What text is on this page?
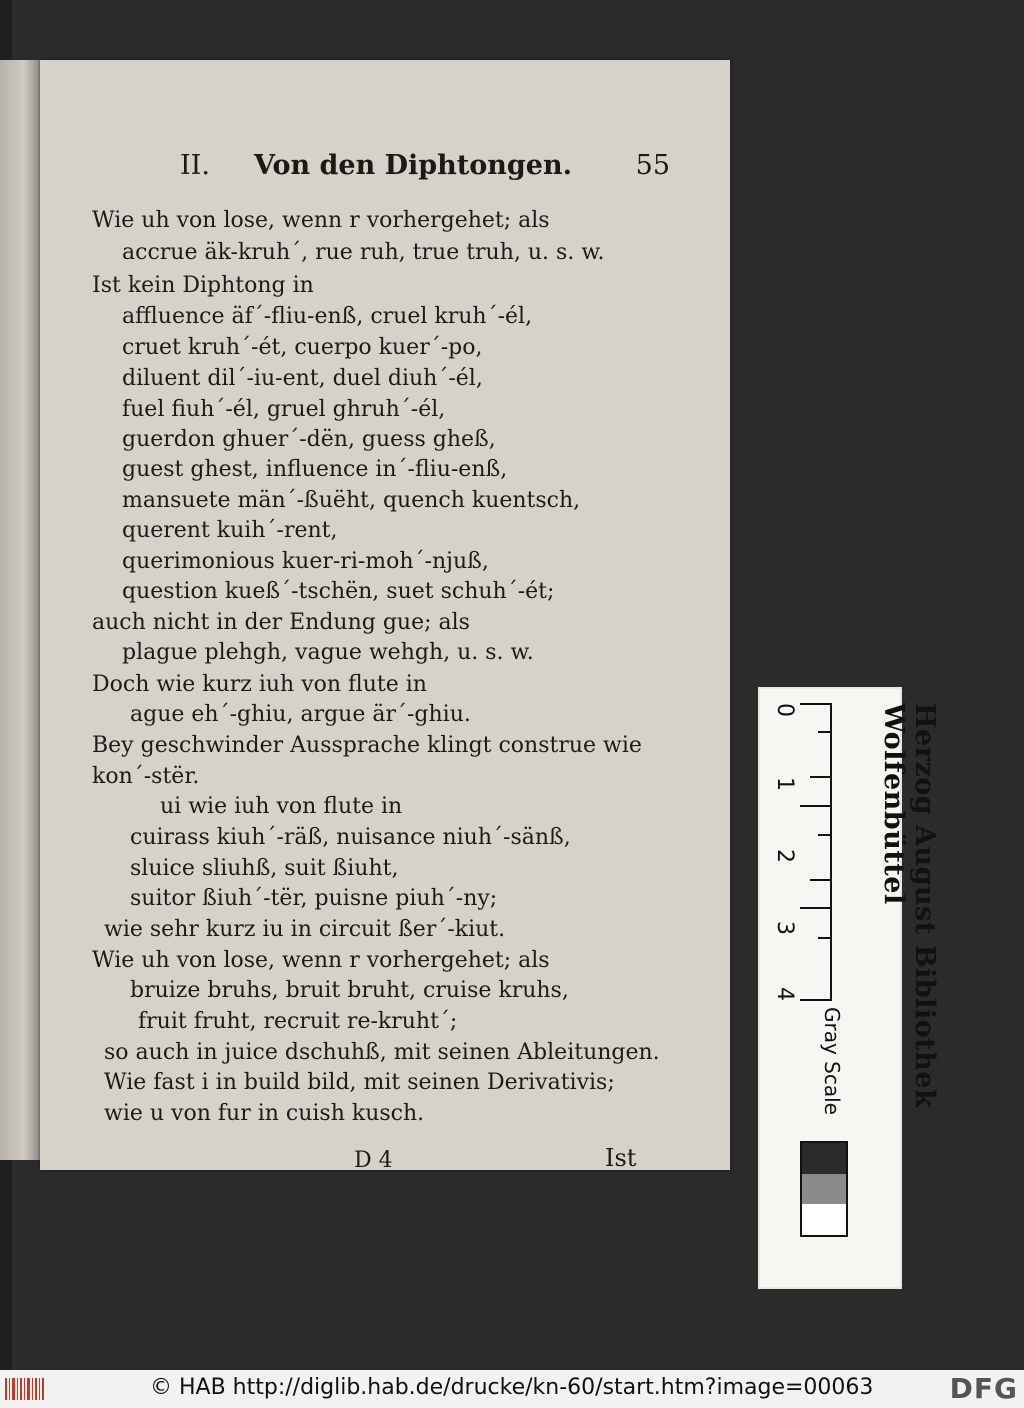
II. Von den Diphtongen. 55
Wie uh von lose, wenn r vorhergehet; als
accrue äk-kruh´, rue ruh, true truh, u. s. w.
Ist kein Diphtong in
affluence äf´-fliu-enß, cruel kruh´-él,
cruet kruh´-ét, cuerpo kuer´-po,
diluent dil´-iu-ent, duel diuh´-él,
fuel fiuh´-él, gruel ghruh´-él,
guerdon ghuer´-dën, guess gheß,
guest ghest, influence in´-fliu-enß,
mansuete män´-ßuëht, quench kuentsch,
querent kuih´-rent,
querimonious kuer-ri-moh´-njuß,
question kueß´-tschën, suet schuh´-ét;
auch nicht in der Endung gue; als
plague plehgh, vague wehgh, u. s. w.
Doch wie kurz iuh von flute in
ague eh´-ghiu, argue är´-ghiu.
Bey geschwinder Aussprache klingt construe wie
kon´-stër.
ui wie iuh von flute in
cuirass kiuh´-räß, nuisance niuh´-sänß,
sluice sliuhß, suit ßiuht,
suitor ßiuh´-tër, puisne piuh´-ny;
wie sehr kurz iu in circuit ßer´-kiut.
Wie uh von lose, wenn r vorhergehet; als
bruize bruhs, bruit bruht, cruise kruhs,
fruit fruht, recruit re-kruht´;
so auch in juice dschuhß, mit seinen Ableitungen.
Wie fast i in build bild, mit seinen Derivativis;
wie u von fur in cuish kusch.
D 4	Ist
Herzog August Bibliothek Wolfenbüttel
0
1
2
3
4
Gray Scale
© HAB http://diglib.hab.de/drucke/kn-60/start.htm?image=00063	DFG
